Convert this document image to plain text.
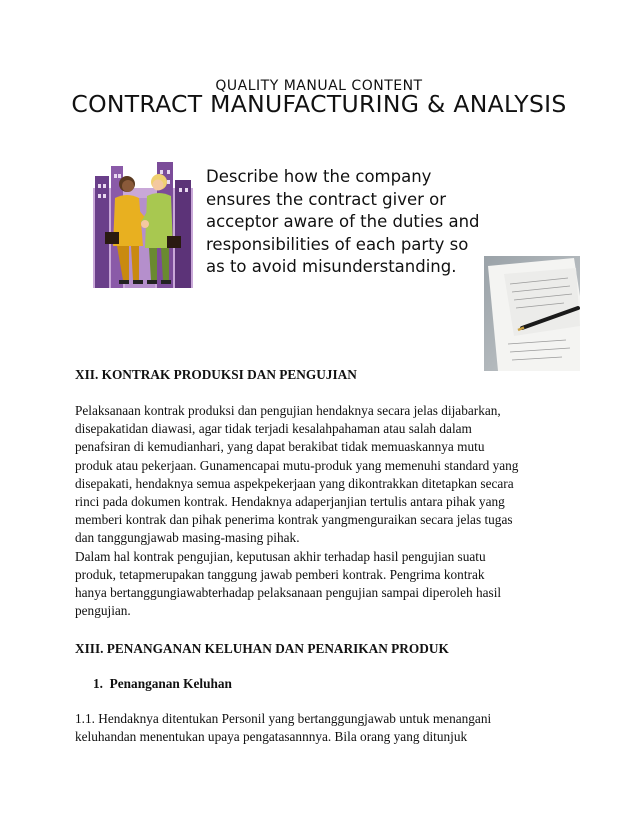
QUALITY MANUAL CONTENT
CONTRACT MANUFACTURING & ANALYSIS
Describe how the company
ensures the contract giver or
acceptor aware of the duties and
responsibilities of each party so
as to avoid misunderstanding.
XII. KONTRAK PRODUKSI DAN PENGUJIAN
Pelaksanaan kontrak produksi dan pengujian hendaknya secara jelas dijabarkan,
disepakatidan diawasi, agar tidak terjadi kesalahpahaman atau salah dalam
penafsiran di kemudianhari, yang dapat berakibat tidak memuaskannya mutu
produk atau pekerjaan. Gunamencapai mutu-produk yang memenuhi standard yang
disepakati, hendaknya semua aspekpekerjaan yang dikontrakkan ditetapkan secara
rinci pada dokumen kontrak. Hendaknya adaperjanjian tertulis antara pihak yang
memberi kontrak dan pihak penerima kontrak yangmenguraikan secara jelas tugas
dan tanggungjawab masing-masing pihak.
Dalam hal kontrak pengujian, keputusan akhir terhadap hasil pengujian suatu
produk, tetapmerupakan tanggung jawab pemberi kontrak. Pengrima kontrak
hanya bertanggungiawabterhadap pelaksanaan pengujian sampai diperoleh hasil
pengujian.
XIII. PENANGANAN KELUHAN DAN PENARIKAN PRODUK
1.  Penanganan Keluhan
1.1. Hendaknya ditentukan Personil yang bertanggungjawab untuk menangani
keluhandan menentukan upaya pengatasannnya. Bila orang yang ditunjuk
